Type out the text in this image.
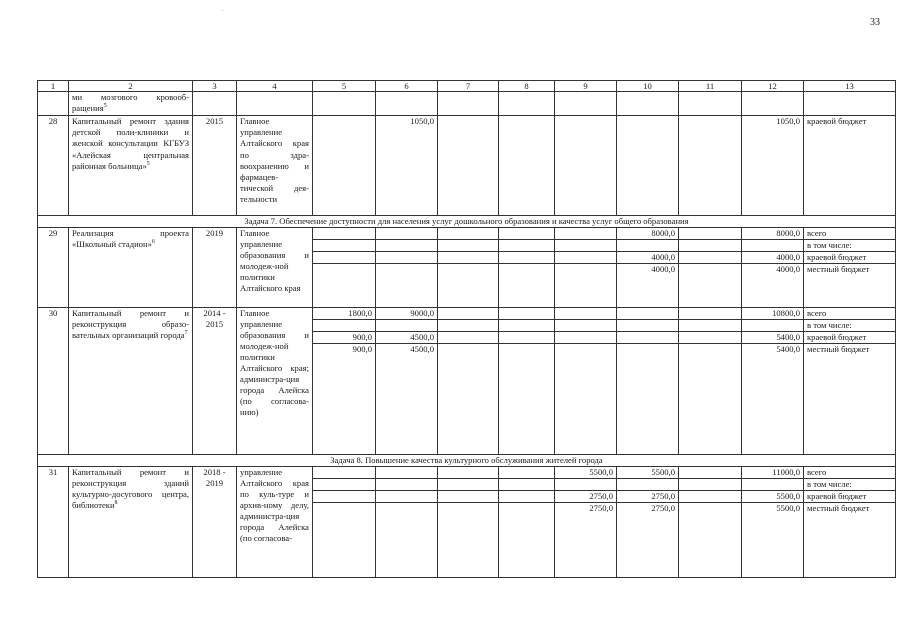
33
1	2	3	4	5	6	7	8	9	10	11	12	13
	ми мозгового кровооб-ращения$^5$											
28	Капитальный ремонт здания детской поли-клиники и женской консультации КГБУЗ «Алейская центральная районная больница»$^5$	2015	Главное управление Алтайского края по здра-воохранению и фармацев-тической дея-тельности		1050,0						1050,0	краевой бюджет
Задача 7. Обеспечение доступности для населения услуг дошкольного образования и качества услуг общего образования												
29	Реализация проекта «Школьный стадион»$^6$	2019	Главное управление образования и молодеж-ной политики Алтайского края						8000,0		8000,0	всего
												в том числе:
									4000,0		4000,0	краевой бюджет
									4000,0		4000,0	местный бюджет
30	Капитальный ремонт и реконструкция образо-вательных организаций города$^7$	2014 - 2015	Главное управление образования и молодеж-ной политики Алтайского края; администра-ция города Алейска (по согласова-нию)	1800,0	9000,0						10800,0	всего
												в том числе:
				900,0	4500,0						5400,0	краевой бюджет
				900,0	4500,0						5400,0	местный бюджет
Задача 8. Повышение качества культурного обслуживания жителей города												
31	Капитальный ремонт и реконструкция зданий культурно-досугового центра, библиотеки$^8$	2018 - 2019	управление Алтайского края по куль-туре и архив-ному делу, администра-ция города Алейска (по согласова-					5500,0	5500,0		11000,0	всего
												в том числе:
								2750,0	2750,0		5500,0	краевой бюджет
								2750,0	2750,0		5500,0	местный бюджет
